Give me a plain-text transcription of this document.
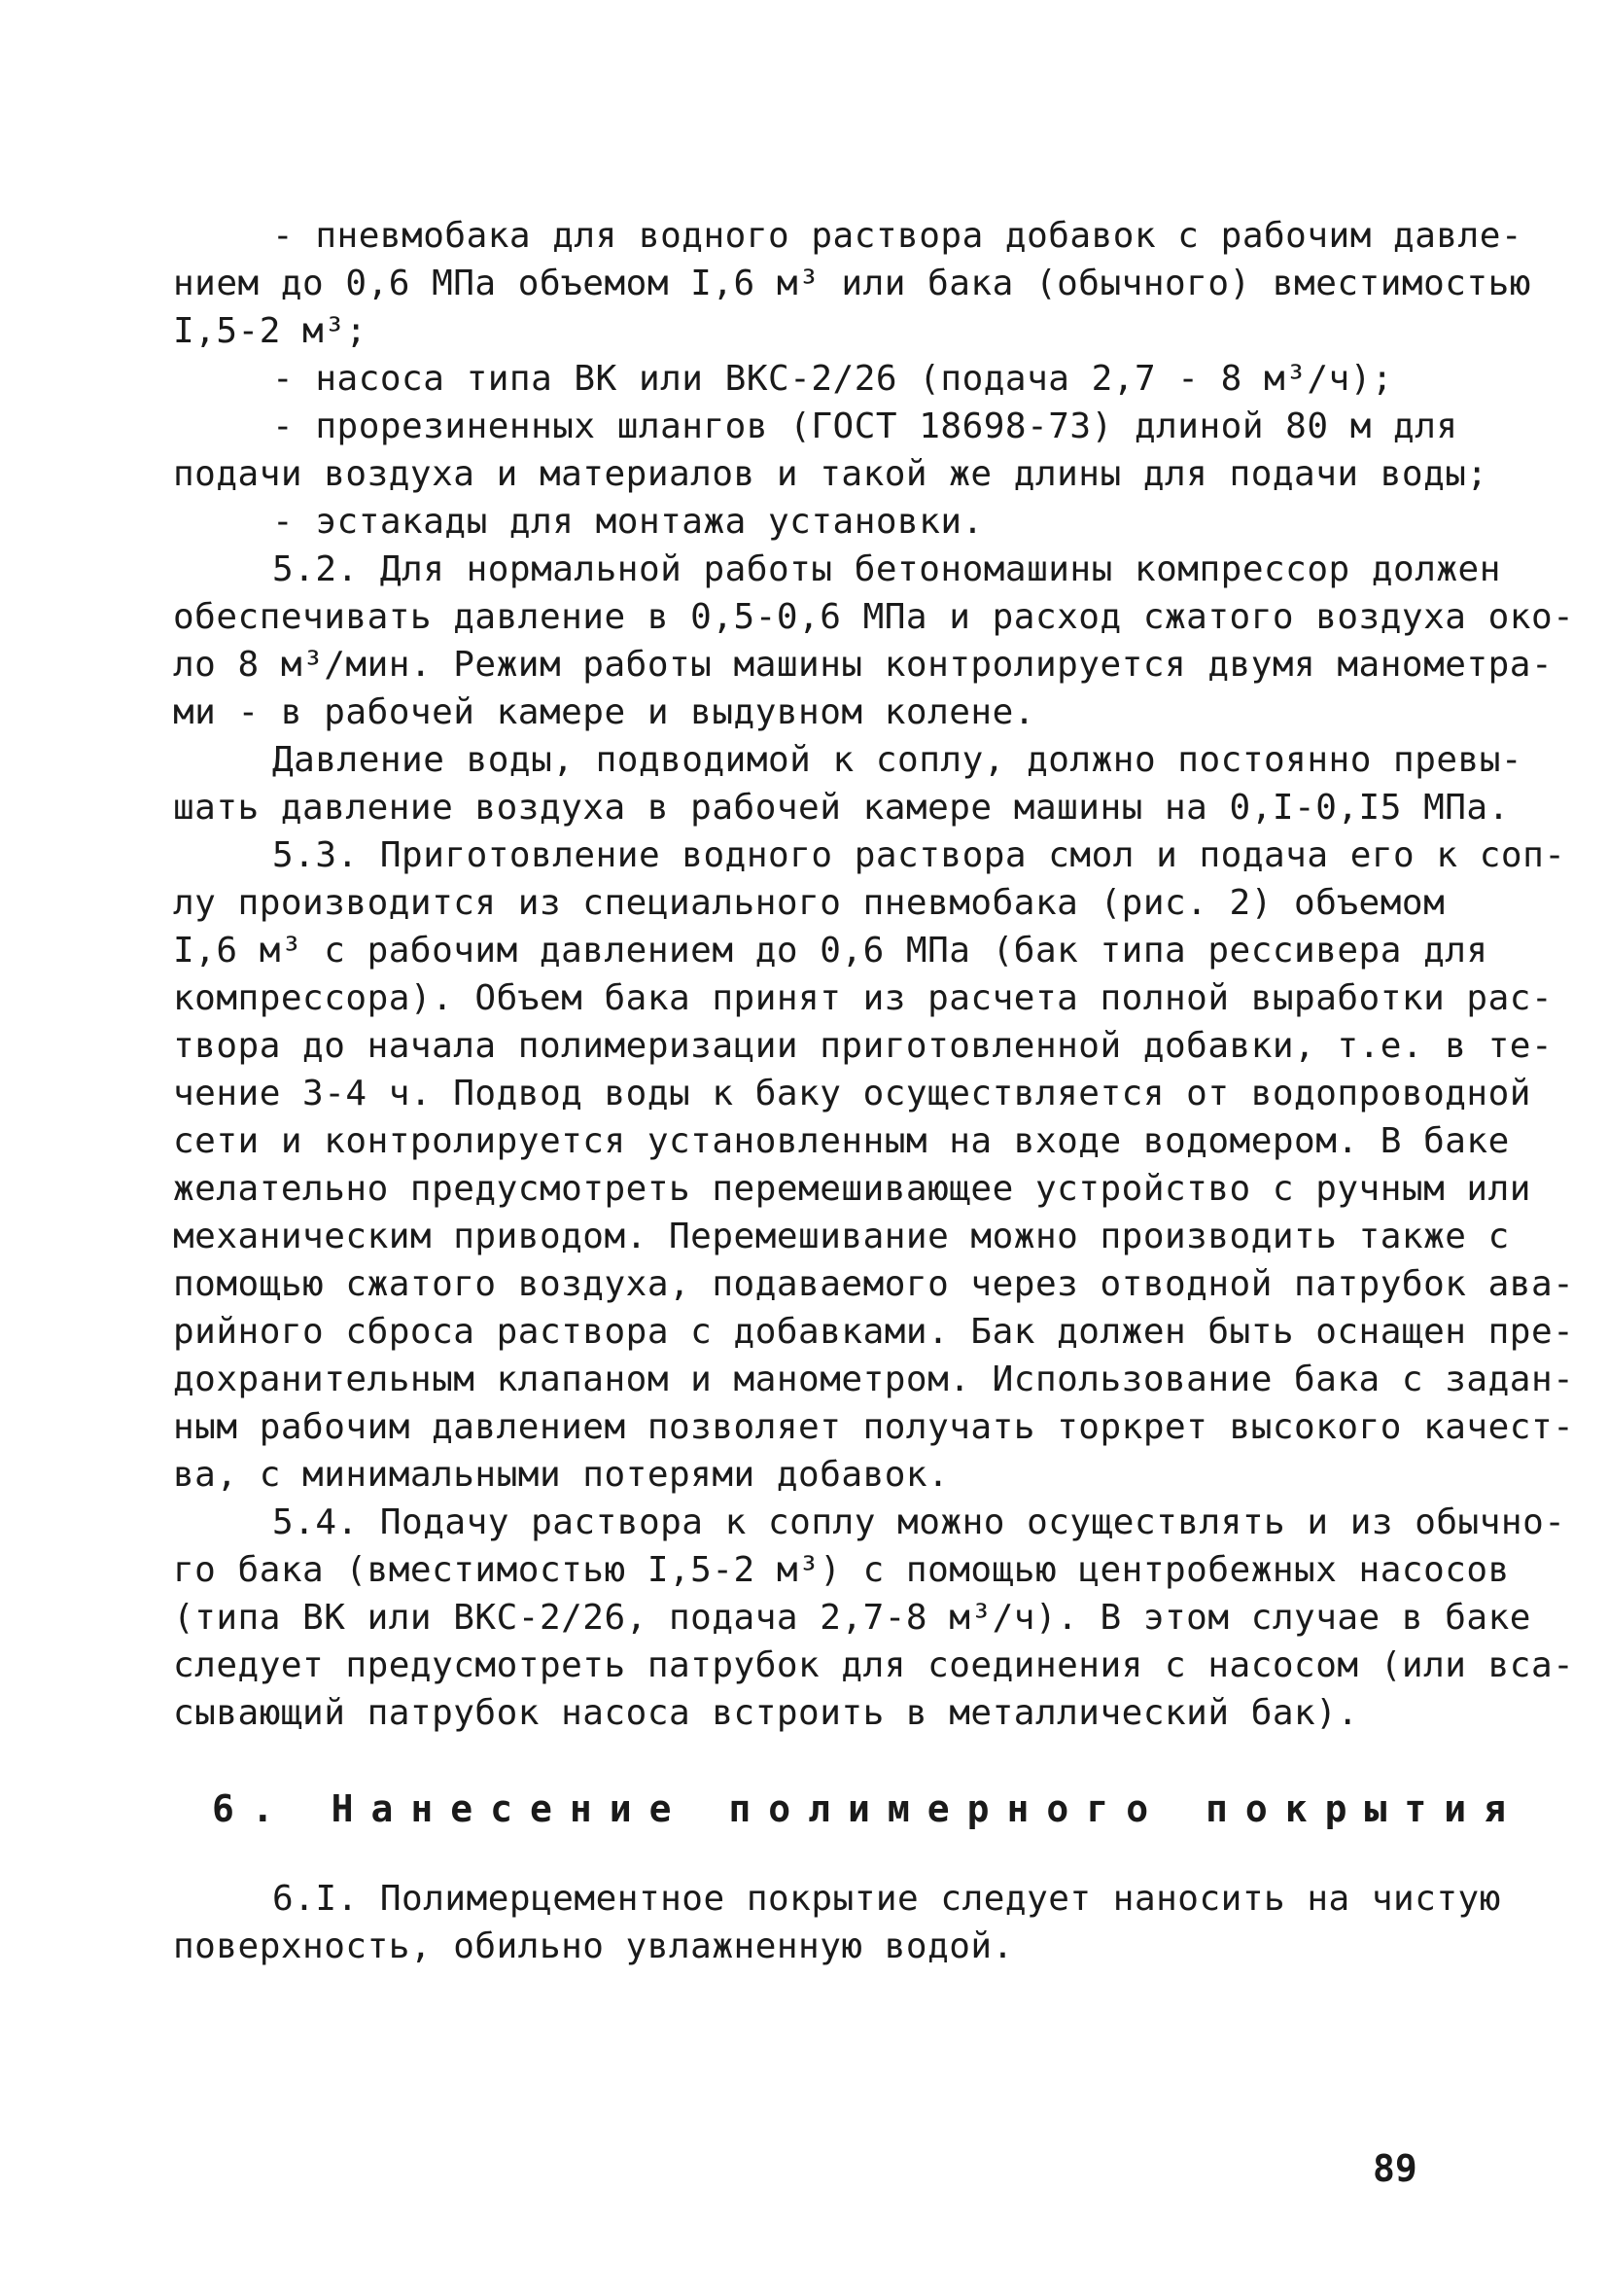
- пневмобака для водного раствора добавок с рабочим давле-
нием до 0,6 МПа объемом I,6 м³ или бака (обычного) вместимостью
I,5-2 м³;
- насоса типа ВК или ВКС-2/26 (подача 2,7 - 8 м³/ч);
- прорезиненных шлангов (ГОСТ 18698-73) длиной 80 м для
подачи воздуха и материалов и такой же длины для подачи воды;
- эстакады для монтажа установки.
5.2. Для нормальной работы бетономашины компрессор должен
обеспечивать давление в 0,5-0,6 МПа и расход сжатого воздуха око-
ло 8 м³/мин. Режим работы машины контролируется двумя манометра-
ми - в рабочей камере и выдувном колене.
Давление воды, подводимой к соплу, должно постоянно превы-
шать давление воздуха в рабочей камере машины на 0,I-0,I5 МПа.
5.3. Приготовление водного раствора смол и подача его к соп-
лу производится из специального пневмобака (рис. 2) объемом
I,6 м³ с рабочим давлением до 0,6 МПа (бак типа рессивера для
компрессора). Объем бака принят из расчета полной выработки рас-
твора до начала полимеризации приготовленной добавки, т.е. в те-
чение 3-4 ч. Подвод воды к баку осуществляется от водопроводной
сети и контролируется установленным на входе водомером. В баке
желательно предусмотреть перемешивающее устройство с ручным или
механическим приводом. Перемешивание можно производить также с
помощью сжатого воздуха, подаваемого через отводной патрубок ава-
рийного сброса раствора с добавками. Бак должен быть оснащен пре-
дохранительным клапаном и манометром. Использование бака с задан-
ным рабочим давлением позволяет получать торкрет высокого качест-
ва, с минимальными потерями добавок.
5.4. Подачу раствора к соплу можно осуществлять и из обычно-
го бака (вместимостью I,5-2 м³) с помощью центробежных насосов
(типа ВК или ВКС-2/26, подача 2,7-8 м³/ч). В этом случае в баке
следует предусмотреть патрубок для соединения с насосом (или вса-
сывающий патрубок насоса встроить в металлический бак).
6. Нанесение полимерного покрытия
6.I. Полимерцементное покрытие следует наносить на чистую
поверхность, обильно увлажненную водой.
89
